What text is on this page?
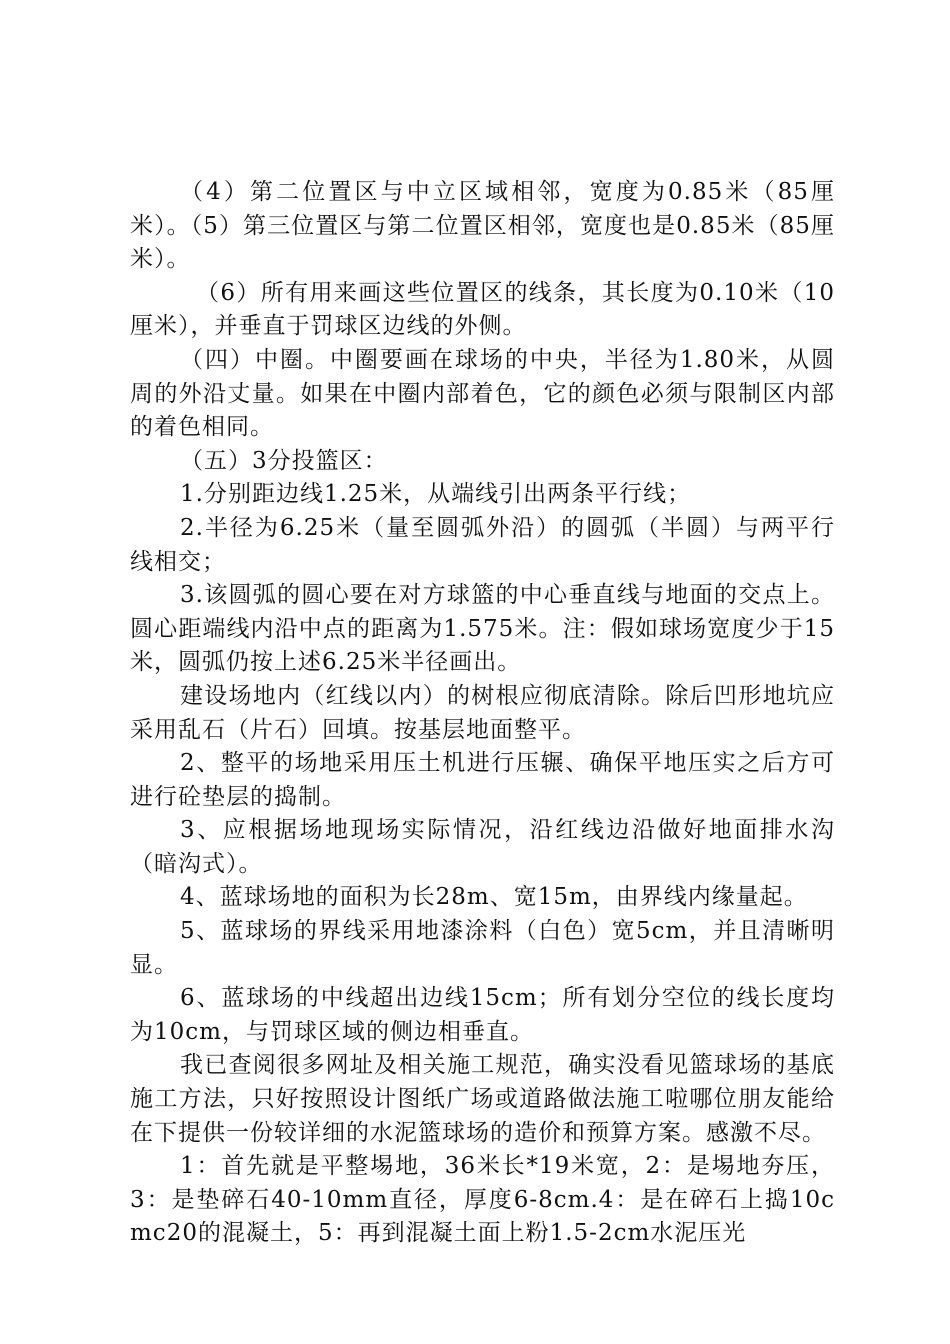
（4）第二位置区与中立区域相邻，宽度为0.85米（85厘米）。（5）第三位置区与第二位置区相邻，宽度也是0.85米（85厘米）。

（6）所有用来画这些位置区的线条，其长度为0.10米（10厘米），并垂直于罚球区边线的外侧。

（四）中圈。中圈要画在球场的中央，半径为1.80米，从圆周的外沿丈量。如果在中圈内部着色，它的颜色必须与限制区内部的着色相同。

（五）3分投篮区：

1.分别距边线1.25米，从端线引出两条平行线；

2.半径为6.25米（量至圆弧外沿）的圆弧（半圆）与两平行线相交；

3.该圆弧的圆心要在对方球篮的中心垂直线与地面的交点上。圆心距端线内沿中点的距离为1.575米。注：假如球场宽度少于15米，圆弧仍按上述6.25米半径画出。

建设场地内（红线以内）的树根应彻底清除。除后凹形地坑应采用乱石（片石）回填。按基层地面整平。

2、整平的场地采用压土机进行压辗、确保平地压实之后方可进行砼垫层的捣制。

3、应根据场地现场实际情况，沿红线边沿做好地面排水沟（暗沟式）。

4、蓝球场地的面积为长28m、宽15m，由界线内缘量起。

5、蓝球场的界线采用地漆涂料（白色）宽5cm，并且清晰明显。

6、蓝球场的中线超出边线15cm；所有划分空位的线长度均为10cm，与罚球区域的侧边相垂直。

我已查阅很多网址及相关施工规范，确实没看见篮球场的基底施工方法，只好按照设计图纸广场或道路做法施工啦哪位朋友能给在下提供一份较详细的水泥篮球场的造价和预算方案。感激不尽。

1：首先就是平整埸地，36米长*19米宽，2：是埸地夯压，3：是垫碎石40-10mm直径，厚度6-8cm.4：是在碎石上捣10cmc20的混凝土，5：再到混凝土面上粉1.5-2cm水泥压光
